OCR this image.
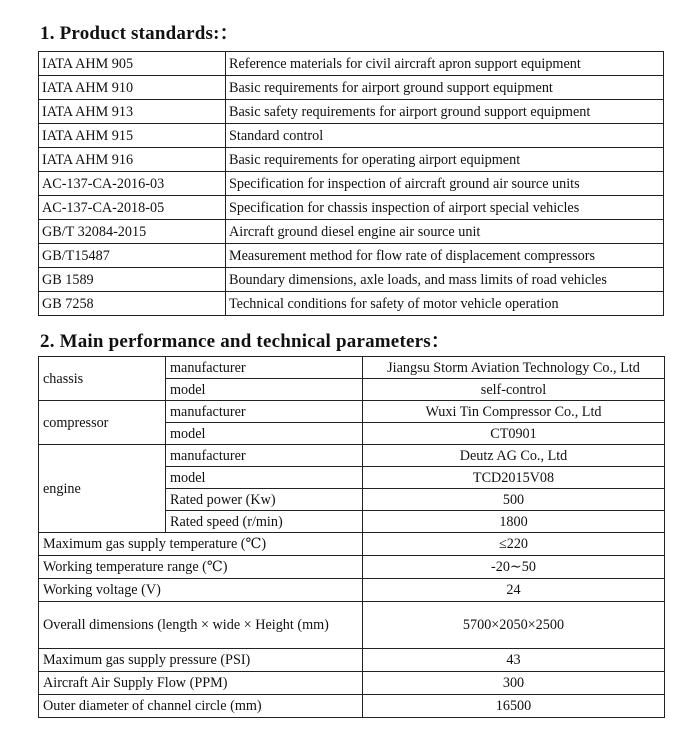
1. Product standards:：
IATA AHM 905	Reference materials for civil aircraft apron support equipment
IATA AHM 910	Basic requirements for airport ground support equipment
IATA AHM 913	Basic safety requirements for airport ground support equipment
IATA AHM 915	Standard control
IATA AHM 916	Basic requirements for operating airport equipment
AC-137-CA-2016-03	Specification for inspection of aircraft ground air source units
AC-137-CA-2018-05	Specification for chassis inspection of airport special vehicles
GB/T 32084-2015	Aircraft ground diesel engine air source unit
GB/T15487	Measurement method for flow rate of displacement compressors
GB 1589	Boundary dimensions, axle loads, and mass limits of road vehicles
GB 7258	Technical conditions for safety of motor vehicle operation
2. Main performance and technical parameters：
chassis	manufacturer	Jiangsu Storm Aviation Technology Co., Ltd
	model	self-control
compressor	manufacturer	Wuxi Tin Compressor Co., Ltd
	model	CT0901
engine	manufacturer	Deutz AG Co., Ltd
	model	TCD2015V08
	Rated power (Kw)	500
	Rated speed (r/min)	1800
Maximum gas supply temperature (℃)		≤220
Working temperature range (℃)		-20∼50
Working voltage (V)		24
Overall dimensions (length × wide × Height (mm)		5700×2050×2500
Maximum gas supply pressure (PSI)		43
Aircraft Air Supply Flow (PPM)		300
Outer diameter of channel circle (mm)		16500
